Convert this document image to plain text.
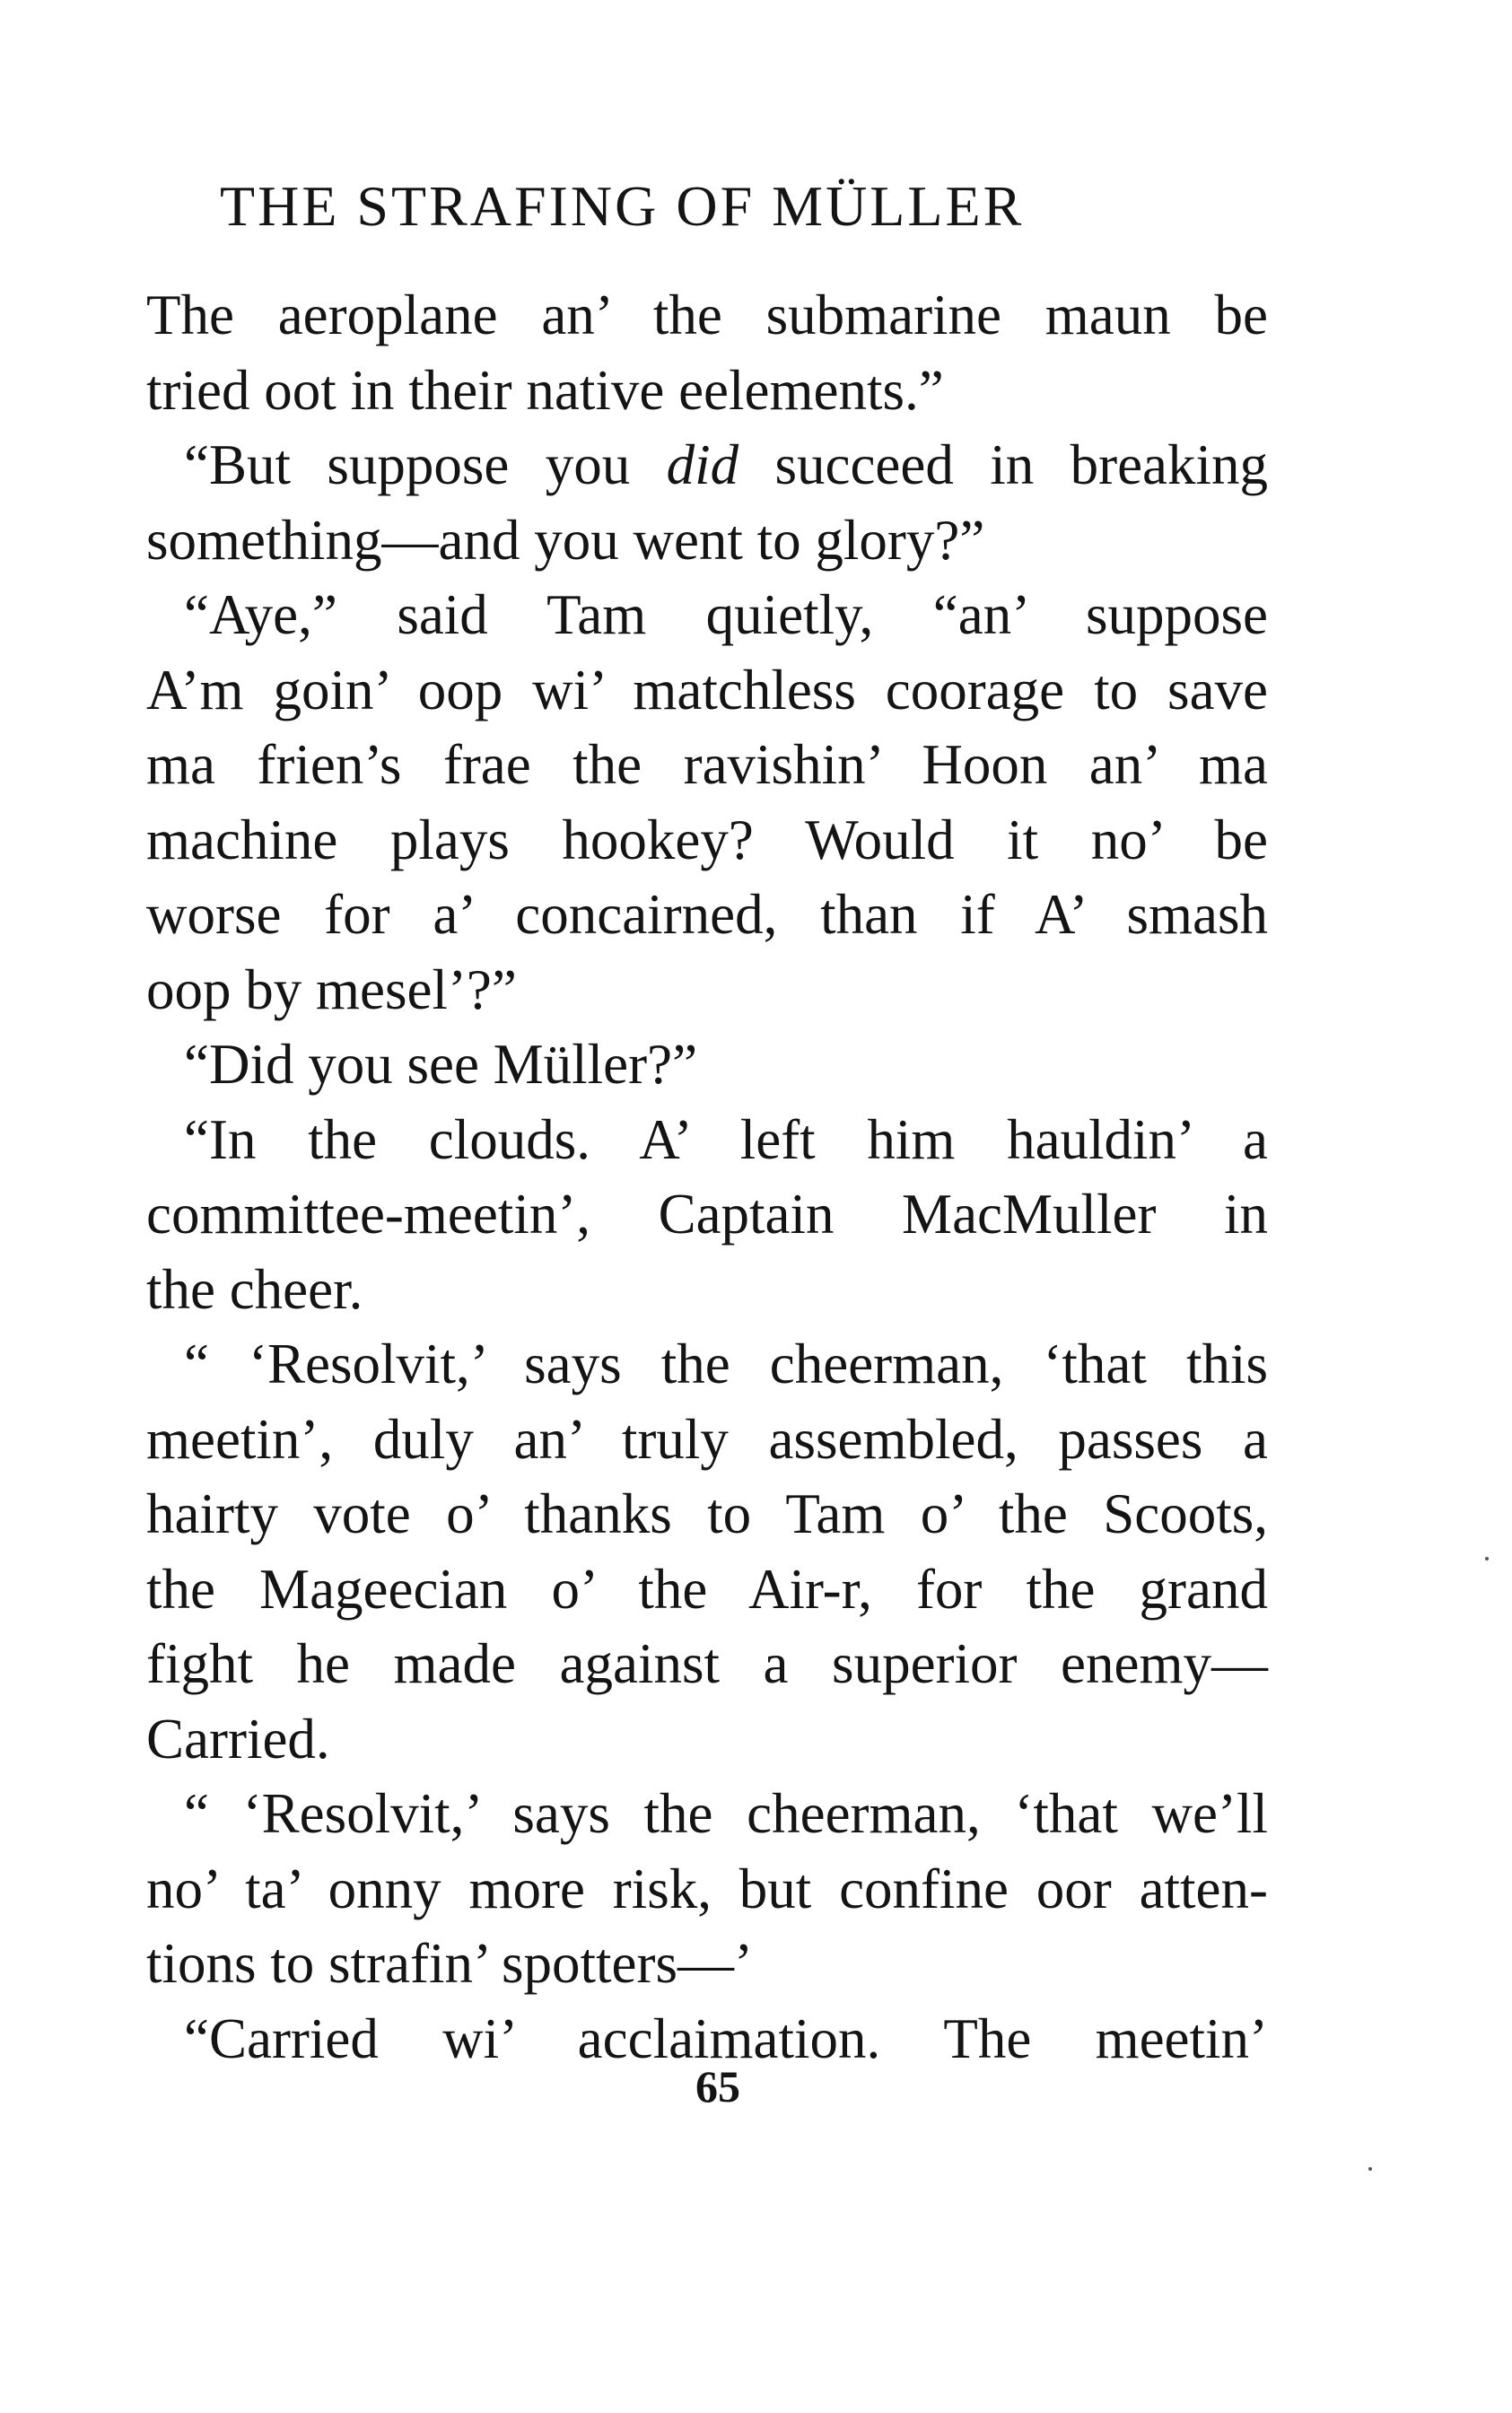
THE STRAFING OF MÜLLER
The aeroplane an’ the submarine maun be
tried oot in their native eelements.”
“But suppose you did succeed in breaking
something—and you went to glory?”
“Aye,” said Tam quietly, “an’ suppose
A’m goin’ oop wi’ matchless coorage to save
ma frien’s frae the ravishin’ Hoon an’ ma
machine plays hookey? Would it no’ be
worse for a’ concairned, than if A’ smash
oop by mesel’?”
“Did you see Müller?”
“In the clouds. A’ left him hauldin’ a
committee-meetin’, Captain MacMuller in
the cheer.
“ ‘Resolvit,’ says the cheerman, ‘that this
meetin’, duly an’ truly assembled, passes a
hairty vote o’ thanks to Tam o’ the Scoots,
the Mageecian o’ the Air-r, for the grand
fight he made against a superior enemy—
Carried.
“ ‘Resolvit,’ says the cheerman, ‘that we’ll
no’ ta’ onny more risk, but confine oor atten-
tions to strafin’ spotters—’
“Carried wi’ acclaimation. The meetin’
65
